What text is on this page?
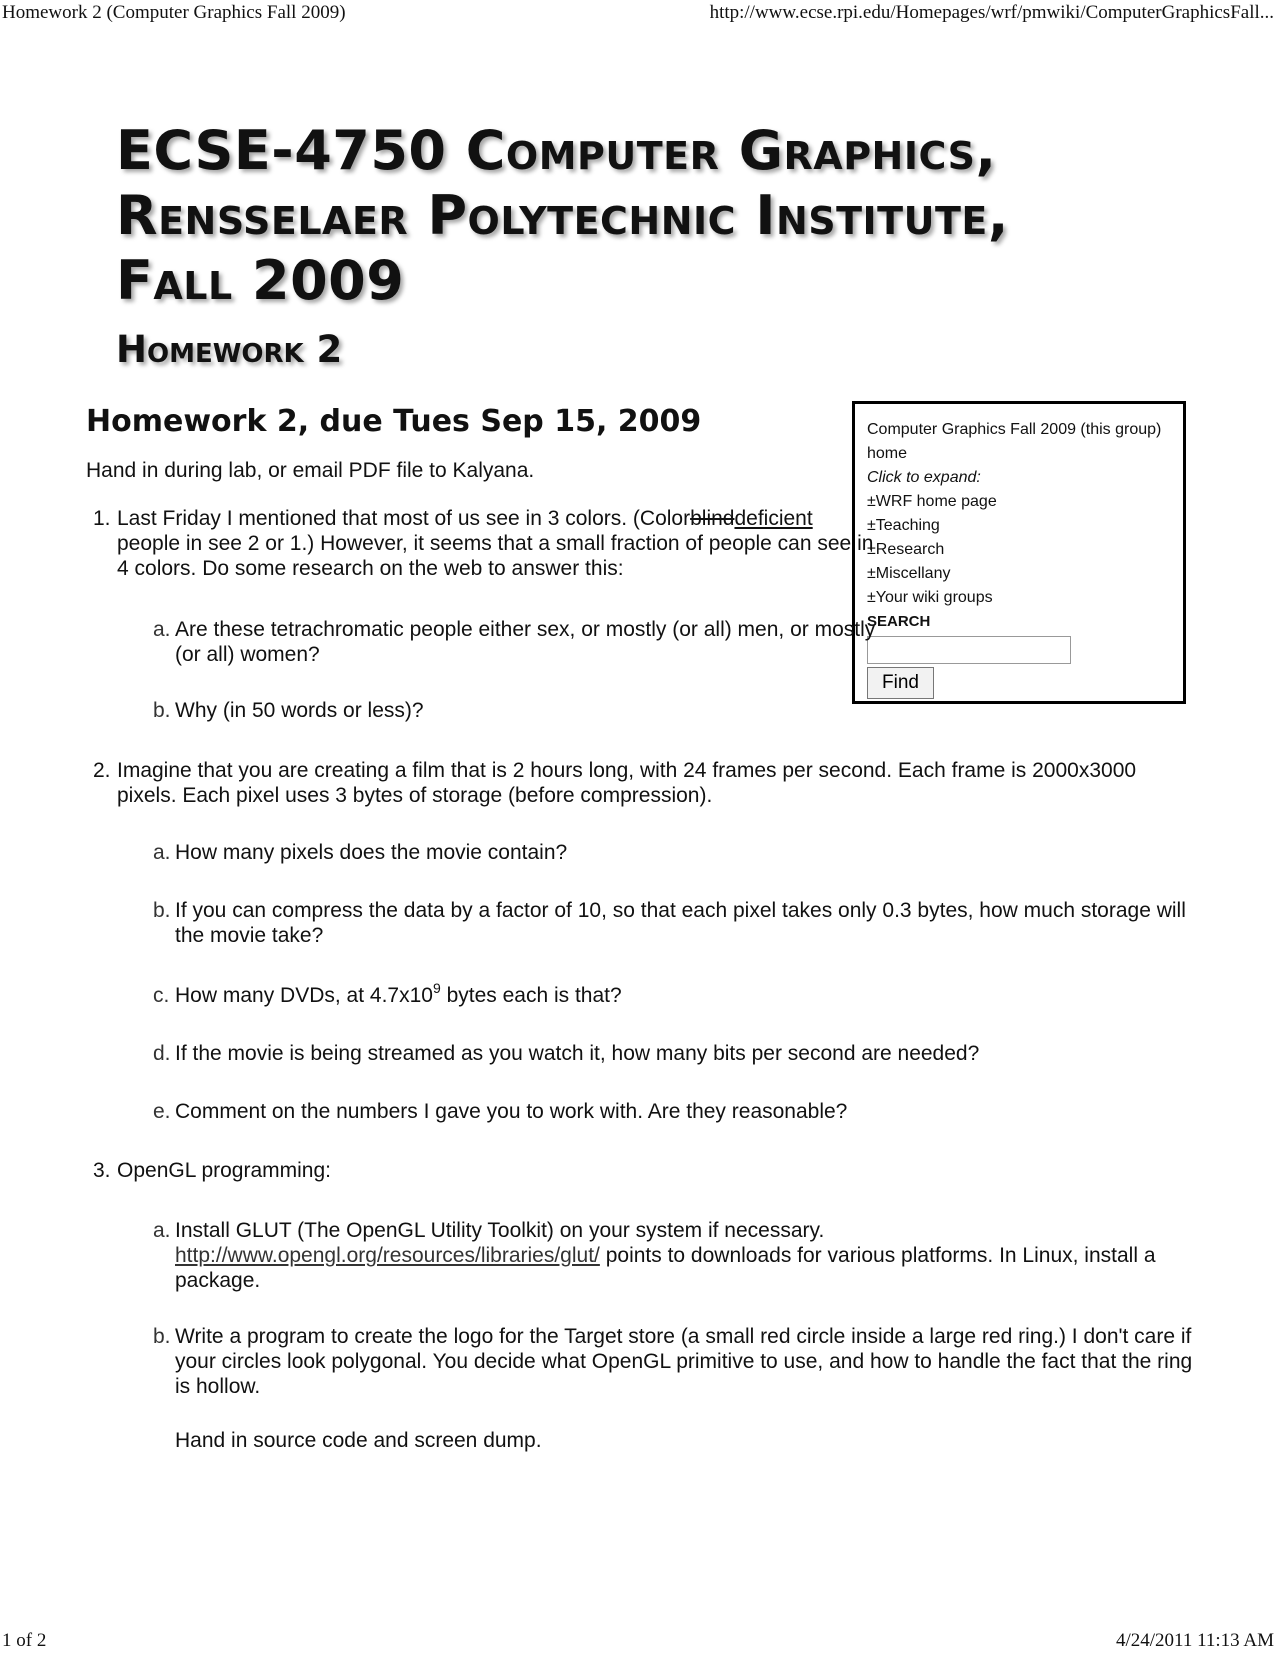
Homework 2 (Computer Graphics Fall 2009)	http://www.ecse.rpi.edu/Homepages/wrf/pmwiki/ComputerGraphicsFall...
ECSE-4750 Computer Graphics,
Rensselaer Polytechnic Institute,
Fall 2009
Homework 2
Computer Graphics Fall 2009 (this group) home
Click to expand:
±WRF home page
±Teaching
±Research
±Miscellany
±Your wiki groups
SEARCH
Find
Homework 2, due Tues Sep 15, 2009

Hand in during lab, or email PDF file to Kalyana.

1. Last Friday I mentioned that most of us see in 3 colors. (Colorblinddeficient people in see 2 or 1.) However, it seems that a small fraction of people can see in 4 colors. Do some research on the web to answer this:
a. Are these tetrachromatic people either sex, or mostly (or all) men, or mostly (or all) women?
b. Why (in 50 words or less)?
2. Imagine that you are creating a film that is 2 hours long, with 24 frames per second. Each frame is 2000x3000 pixels. Each pixel uses 3 bytes of storage (before compression).
a. How many pixels does the movie contain?
b. If you can compress the data by a factor of 10, so that each pixel takes only 0.3 bytes, how much storage will the movie take?
c. How many DVDs, at $4.7x10^9$ bytes each is that?
d. If the movie is being streamed as you watch it, how many bits per second are needed?
e. Comment on the numbers I gave you to work with. Are they reasonable?
3. OpenGL programming:
a. Install GLUT (The OpenGL Utility Toolkit) on your system if necessary. http://www.opengl.org/resources/libraries/glut/ points to downloads for various platforms. In Linux, install a package.
b. Write a program to create the logo for the Target store (a small red circle inside a large red ring.) I don't care if your circles look polygonal. You decide what OpenGL primitive to use, and how to handle the fact that the ring is hollow.
Hand in source code and screen dump.
1 of 2	4/24/2011 11:13 AM
